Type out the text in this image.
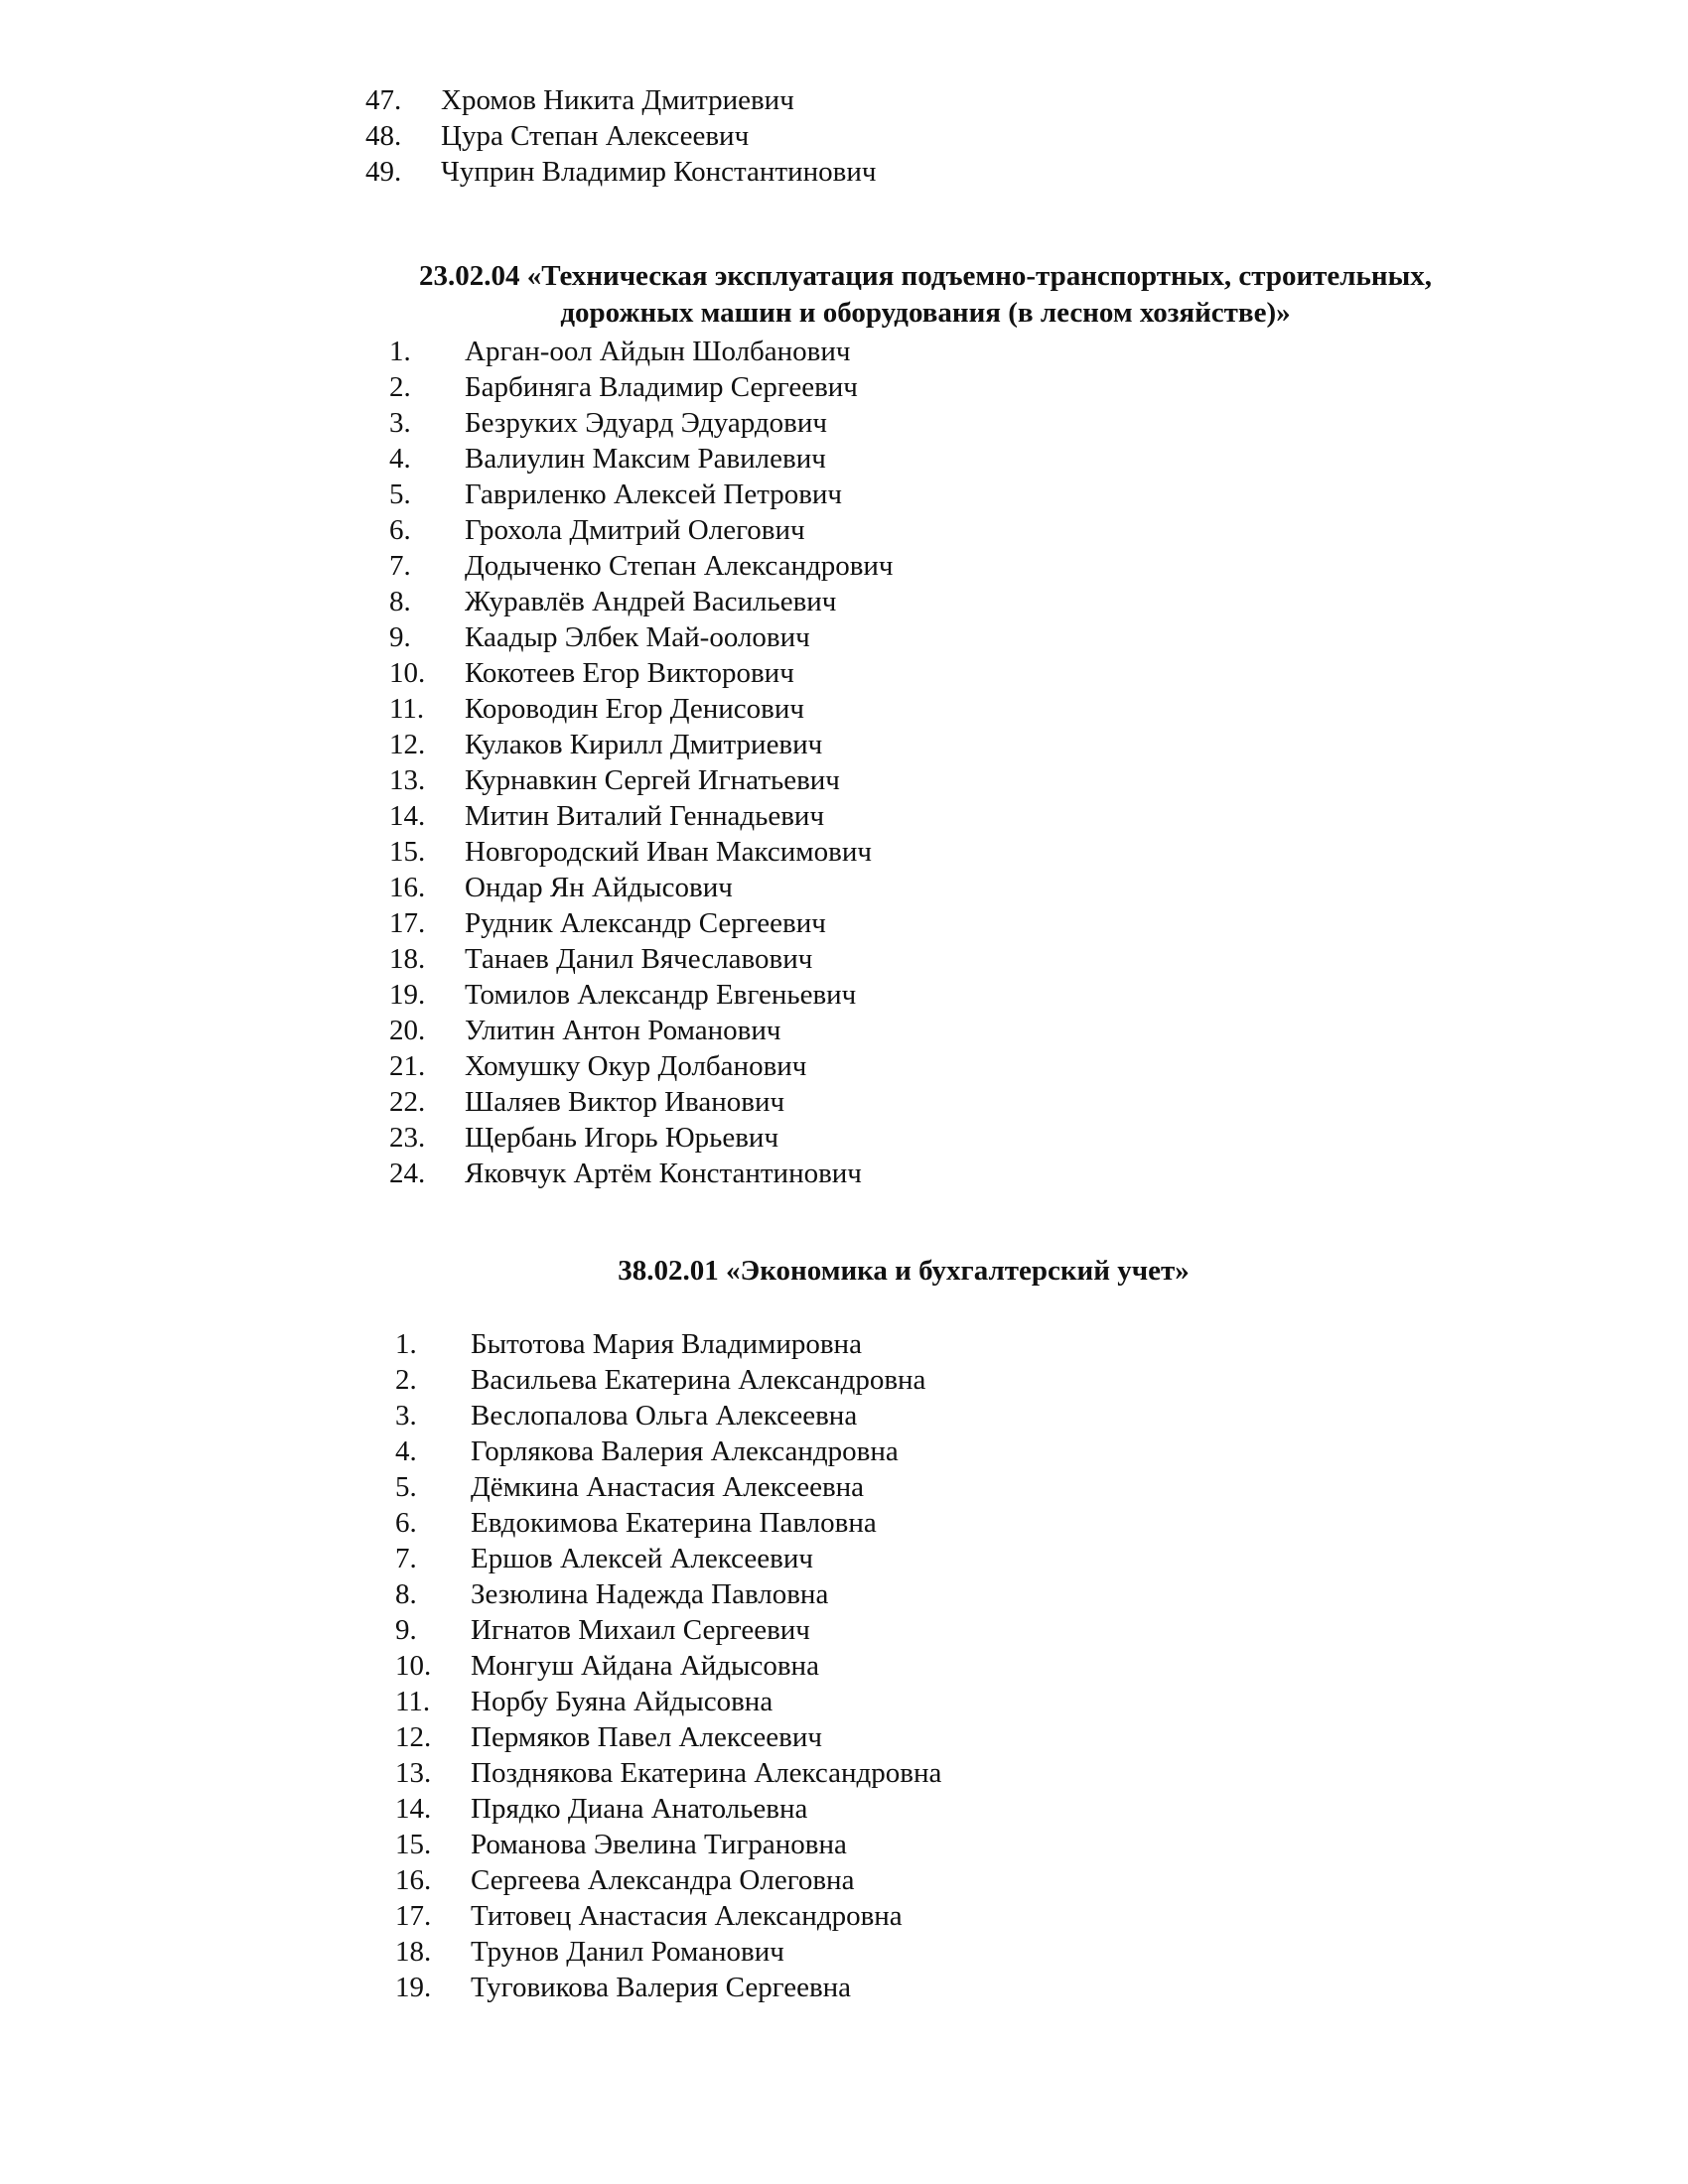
47. Хромов Никита Дмитриевич
48. Цура Степан Алексеевич
49. Чуприн Владимир Константинович
23.02.04 «Техническая эксплуатация подъемно-транспортных, строительных,
дорожных машин и оборудования (в лесном хозяйстве)»
1. Арган-оол Айдын Шолбанович
2. Барбиняга Владимир Сергеевич
3. Безруких Эдуард Эдуардович
4. Валиулин Максим Равилевич
5. Гавриленко Алексей Петрович
6. Грохола Дмитрий Олегович
7. Додыченко Степан Александрович
8. Журавлёв Андрей Васильевич
9. Каадыр Элбек Май-оолович
10. Кокотеев Егор Викторович
11. Короводин Егор Денисович
12. Кулаков Кирилл Дмитриевич
13. Курнавкин Сергей Игнатьевич
14. Митин Виталий Геннадьевич
15. Новгородский Иван Максимович
16. Ондар Ян Айдысович
17. Рудник Александр Сергеевич
18. Танаев Данил Вячеславович
19. Томилов Александр Евгеньевич
20. Улитин Антон Романович
21. Хомушку Окур Долбанович
22. Шаляев Виктор Иванович
23. Щербань Игорь Юрьевич
24. Яковчук Артём Константинович
38.02.01 «Экономика и бухгалтерский учет»
1. Бытотова Мария Владимировна
2. Васильева Екатерина Александровна
3. Веслопалова Ольга Алексеевна
4. Горлякова Валерия Александровна
5. Дёмкина Анастасия Алексеевна
6. Евдокимова Екатерина Павловна
7. Ершов Алексей Алексеевич
8. Зезюлина Надежда Павловна
9. Игнатов Михаил Сергеевич
10. Монгуш Айдана Айдысовна
11. Норбу Буяна Айдысовна
12. Пермяков Павел Алексеевич
13. Позднякова Екатерина Александровна
14. Прядко Диана Анатольевна
15. Романова Эвелина Тиграновна
16. Сергеева Александра Олеговна
17. Титовец Анастасия Александровна
18. Трунов Данил Романович
19. Туговикова Валерия Сергеевна
